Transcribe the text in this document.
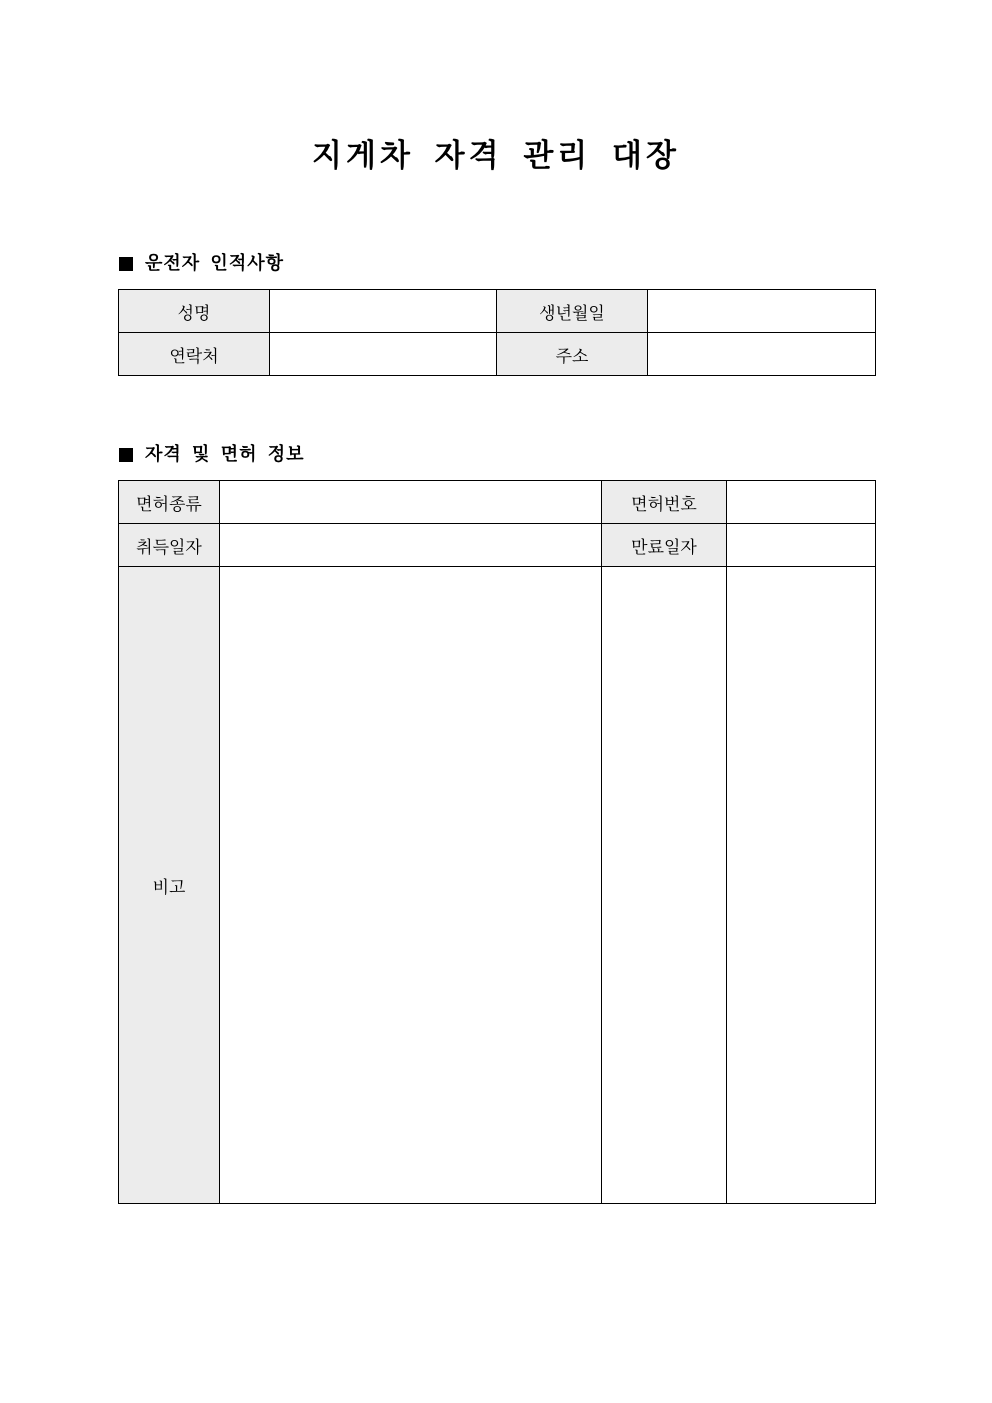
지게차 자격 관리 대장
운전자 인적사항
성명		생년월일	
연락처		주소	
자격 및 면허 정보
면허종류		면허번호	
취득일자		만료일자	
비고			
